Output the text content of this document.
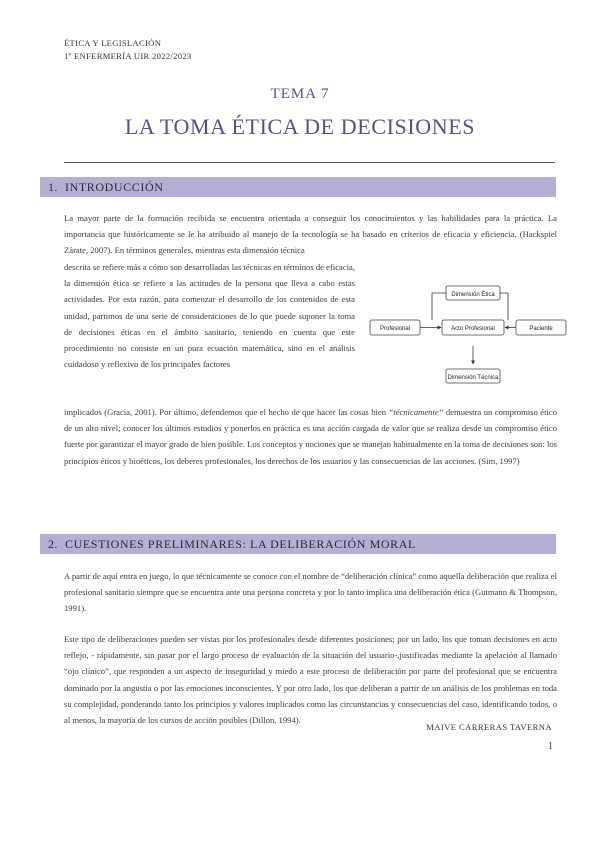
ÉTICA Y LEGISLACIÓN
1º ENFERMERÍA UIR 2022/2023
TEMA 7
LA TOMA ÉTICA DE DECISIONES
1. INTRODUCCIÓN

La mayor parte de la formación recibida se encuentra orientada a conseguir los conocimientos y las habilidades para la práctica. La importancia que históricamente se le ha atribuido al manejo de la tecnología se ha basado en criterios de eficacia y eficiencia. (Hackspiel Zárate, 2007). En términos generales, mientras esta dimensión técnica

descrita se refiere más a cómo son desarrolladas las técnicas en términos de eficacia, la dimensión ética se refiere a las actitudes de la persona que lleva a cabo estas actividades. Por esta razón, para comenzar el desarrollo de los contenidos de esta unidad, partimos de una serie de consideraciones de lo que puede suponer la toma de decisiones éticas en el ámbito sanitario, teniendo en cuenta que este procedimiento no consiste en un pura ecuación matemática, sino en el análisis cuidadoso y reflexivo de los principales factores

Dimensión Ética
Profesional	Acto Profesional	Paciente
Dimensión Técnica

implicados (Gracia, 2001). Por último, defendemos que el hecho de que hacer las cosas bien “técnicamente” demuestra un compromiso ético de un alto nivel; conocer los últimos estudios y ponerlos en práctica es una acción cargada de valor que se realiza desde un compromiso ético fuerte por garantizar el mayor grado de bien posible. Los conceptos y nociones que se manejan habitualmente en la toma de decisiones son: los principios éticos y bioéticos, los deberes profesionales, los derechos de los usuarios y las consecuencias de las acciones. (Sim, 1997)

2. CUESTIONES PRELIMINARES: LA DELIBERACIÓN MORAL

A partir de aquí entra en juego, lo que técnicamente se conoce con el nombre de “deliberación clínica” como aquella deliberación que realiza el profesional sanitario siempre que se encuentra ante una persona concreta y por lo tanto implica una deliberación ética (Gutmann & Thompson, 1991).

Este tipo de deliberaciones pueden ser vistas por los profesionales desde diferentes posiciones; por un lado, los que toman decisiones en acto reflejo, - rápidamente, sin pasar por el largo proceso de evaluación de la situación del usuario-,justificadas mediante la apelación al llamado “ojo clínico”, que responden a un aspecto de inseguridad y miedo a este proceso de deliberación por parte del profesional que se encuentra dominado por la angustia o por las emociones inconscientes. Y por otro lado, los que deliberan a partir de un análisis de los problemas en toda su complejidad, ponderando tanto los principios y valores implicados como las circunstancias y consecuencias del caso, identificando todos, o al menos, la mayoría de los cursos de acción posibles (Dillon, 1994).

MAIVE CARRERAS TAVERNA
1
